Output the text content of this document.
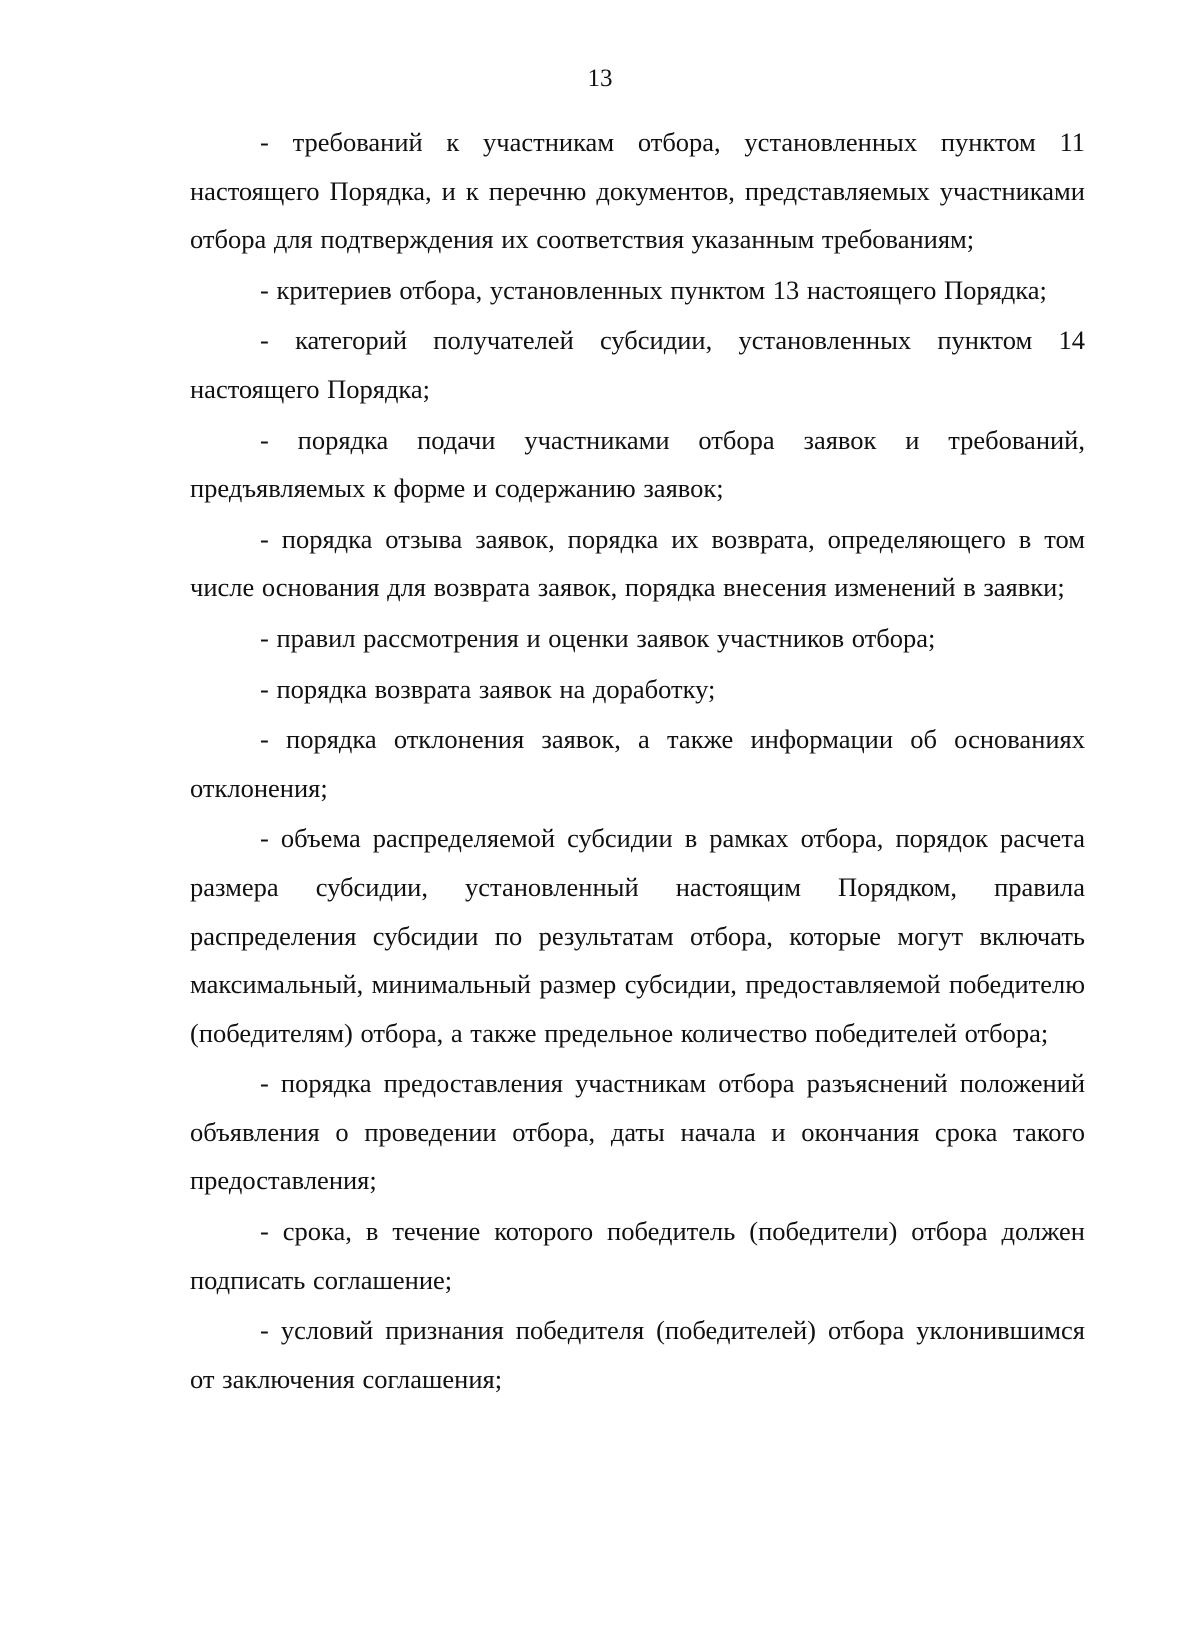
13

- требований к участникам отбора, установленных пунктом 11 настоящего Порядка, и к перечню документов, представляемых участниками отбора для подтверждения их соответствия указанным требованиям;

- критериев отбора, установленных пунктом 13 настоящего Порядка;

- категорий получателей субсидии, установленных пунктом 14 настоящего Порядка;

- порядка подачи участниками отбора заявок и требований, предъявляемых к форме и содержанию заявок;

- порядка отзыва заявок, порядка их возврата, определяющего в том числе основания для возврата заявок, порядка внесения изменений в заявки;

- правил рассмотрения и оценки заявок участников отбора;

- порядка возврата заявок на доработку;

- порядка отклонения заявок, а также информации об основаниях отклонения;

- объема распределяемой субсидии в рамках отбора, порядок расчета размера субсидии, установленный настоящим Порядком, правила распределения субсидии по результатам отбора, которые могут включать максимальный, минимальный размер субсидии, предоставляемой победителю (победителям) отбора, а также предельное количество победителей отбора;

- порядка предоставления участникам отбора разъяснений положений объявления о проведении отбора, даты начала и окончания срока такого предоставления;

- срока, в течение которого победитель (победители) отбора должен подписать соглашение;

- условий признания победителя (победителей) отбора уклонившимся от заключения соглашения;
